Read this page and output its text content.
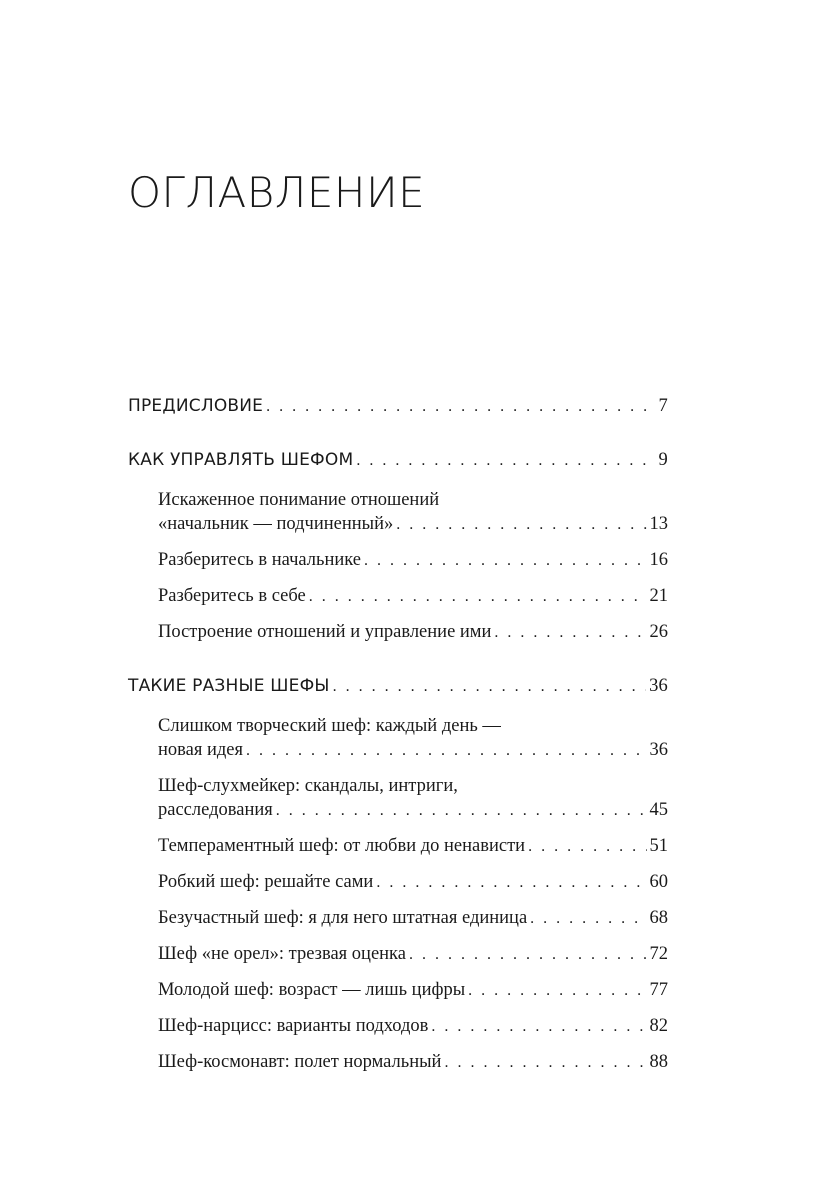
ОГЛАВЛЕНИЕ
ПРЕДИСЛОВИЕ . . .	7
КАК УПРАВЛЯТЬ ШЕФОМ . . .	9
Искаженное понимание отношений
«начальник — подчиненный» . . .	13
Разберитесь в начальнике . . .	16
Разберитесь в себе . . .	21
Построение отношений и управление ими . . .	26
ТАКИЕ РАЗНЫЕ ШЕФЫ . . .	36
Слишком творческий шеф: каждый день —
новая идея . . .	36
Шеф-слухмейкер: скандалы, интриги,
расследования . . .	45
Темпераментный шеф: от любви до ненависти . . .	51
Робкий шеф: решайте сами . . .	60
Безучастный шеф: я для него штатная единица . . .	68
Шеф «не орел»: трезвая оценка . . .	72
Молодой шеф: возраст — лишь цифры . . .	77
Шеф-нарцисс: варианты подходов . . .	82
Шеф-космонавт: полет нормальный . . .	88
